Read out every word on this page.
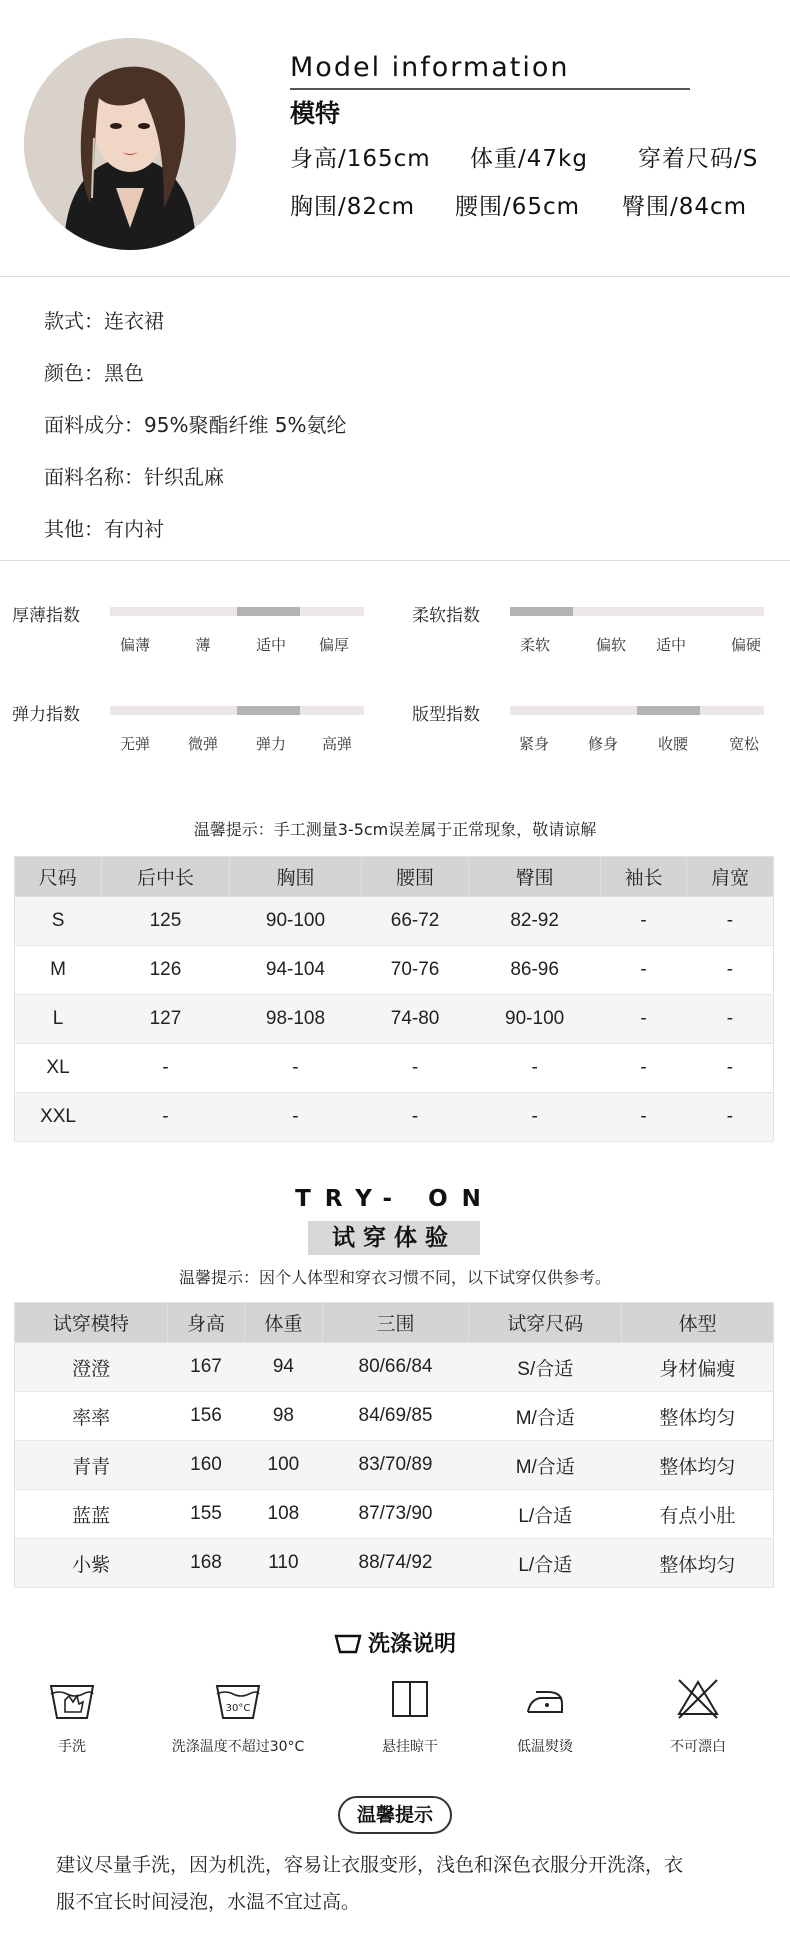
Model information
模特
身高/165cm 体重/47kg 穿着尺码/S
胸围/82cm 腰围/65cm 臀围/84cm
款式：连衣裙
颜色：黑色
面料成分：95%聚酯纤维 5%氨纶
面料名称：针织乱麻
其他：有内衬
厚薄指数
偏薄	薄	适中 偏厚
柔软指数
柔软	偏软 适中	偏硬
弹力指数
无弹	微弹	弹力 高弹
版型指数
紧身	修身	收腰	宽松
温馨提示：手工测量3-5cm误差属于正常现象，敬请谅解
尺码	后中长	胸围	腰围	臀围	袖长	肩宽
S	125	90-100	66-72	82-92	-	-
M	126	94-104	70-76	86-96	-	-
L	127	98-108	74-80	90-100	-	-
XL	-	-	-	-	-	-
XXL	-	-	-	-	-	-
TRY- ON
试穿体验
温馨提示：因个人体型和穿衣习惯不同，以下试穿仅供参考。
试穿模特	身高	体重	三围	试穿尺码	体型
澄澄	167	94	80/66/84	S/合适	身材偏瘦
率率	156	98	84/69/85	M/合适	整体均匀
青青	160	100	83/70/89	M/合适	整体均匀
蓝蓝	155	108	87/73/90	L/合适	有点小肚
小紫	168	110	88/74/92	L/合适	整体均匀
洗涤说明
手洗
30°C
洗涤温度不超过30°C	悬挂晾干	低温熨烫	不可漂白
温馨提示
建议尽量手洗，因为机洗，容易让衣服变形，浅色和深色衣服分开洗涤，衣
服不宜长时间浸泡，水温不宜过高。
